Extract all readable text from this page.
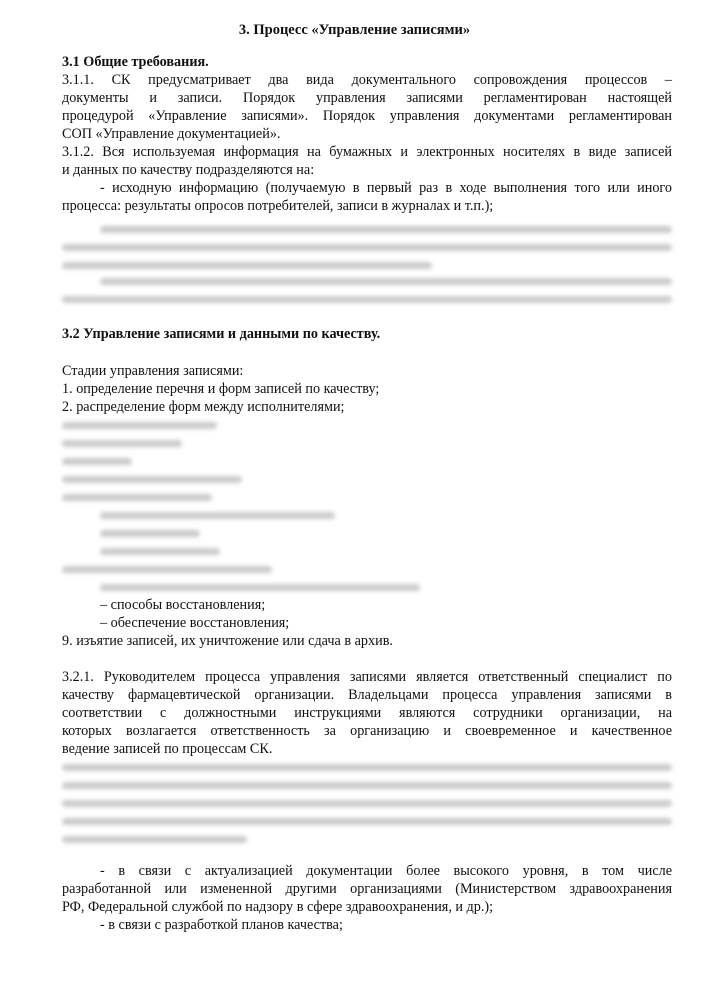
3. Процесс «Управление записями»
3.1 Общие требования.
3.1.1. СК предусматривает два вида документального сопровождения процессов –
документы и записи. Порядок управления записями регламентирован настоящей
процедурой «Управление записями». Порядок управления документами регламентирован
СОП «Управление документацией».
3.1.2. Вся используемая информация на бумажных и электронных носителях в виде записей
и данных по качеству подразделяются на:
- исходную информацию (получаемую в первый раз в ходе выполнения того или иного
процесса: результаты опросов потребителей, записи в журналах и т.п.);
3.2 Управление записями и данными по качеству.
Стадии управления записями:
1. определение перечня и форм записей по качеству;
2. распределение форм между исполнителями;
– способы восстановления;
– обеспечение восстановления;
9. изъятие записей, их уничтожение или сдача в архив.
3.2.1. Руководителем процесса управления записями является ответственный специалист по
качеству фармацевтической организации. Владельцами процесса управления записями в
соответствии с должностными инструкциями являются сотрудники организации, на
которых возлагается ответственность за организацию и своевременное и качественное
ведение записей по процессам СК.
- в связи с актуализацией документации более высокого уровня, в том числе
разработанной или измененной другими организациями (Министерством здравоохранения
РФ, Федеральной службой по надзору в сфере здравоохранения, и др.);
- в связи с разработкой планов качества;
